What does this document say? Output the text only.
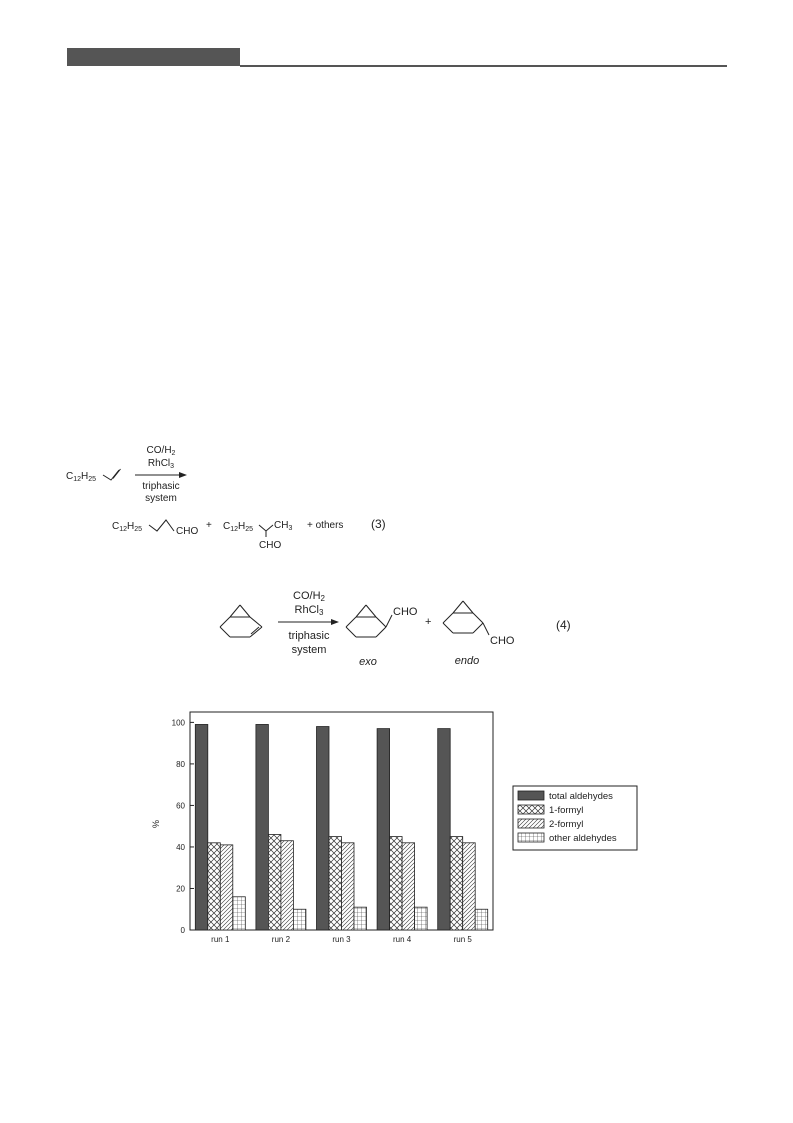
$C_{12}H_{25}$
$CO/H_2$
RhCl$_3$
triphasic
system
$C_{12}H_{25}$	CHO
+ $C_{12}H_{25}$ $CH_3$
CHO
+ others (3)
CO/H2
RhCl3
triphasic
system
CHO
exo
+
CHO
endo
(4)
0
20
40
60
80
100
run 1	run 2	run 3	run 4	run 5
%
total aldehydes
1-formyl
2-formyl
other aldehydes
